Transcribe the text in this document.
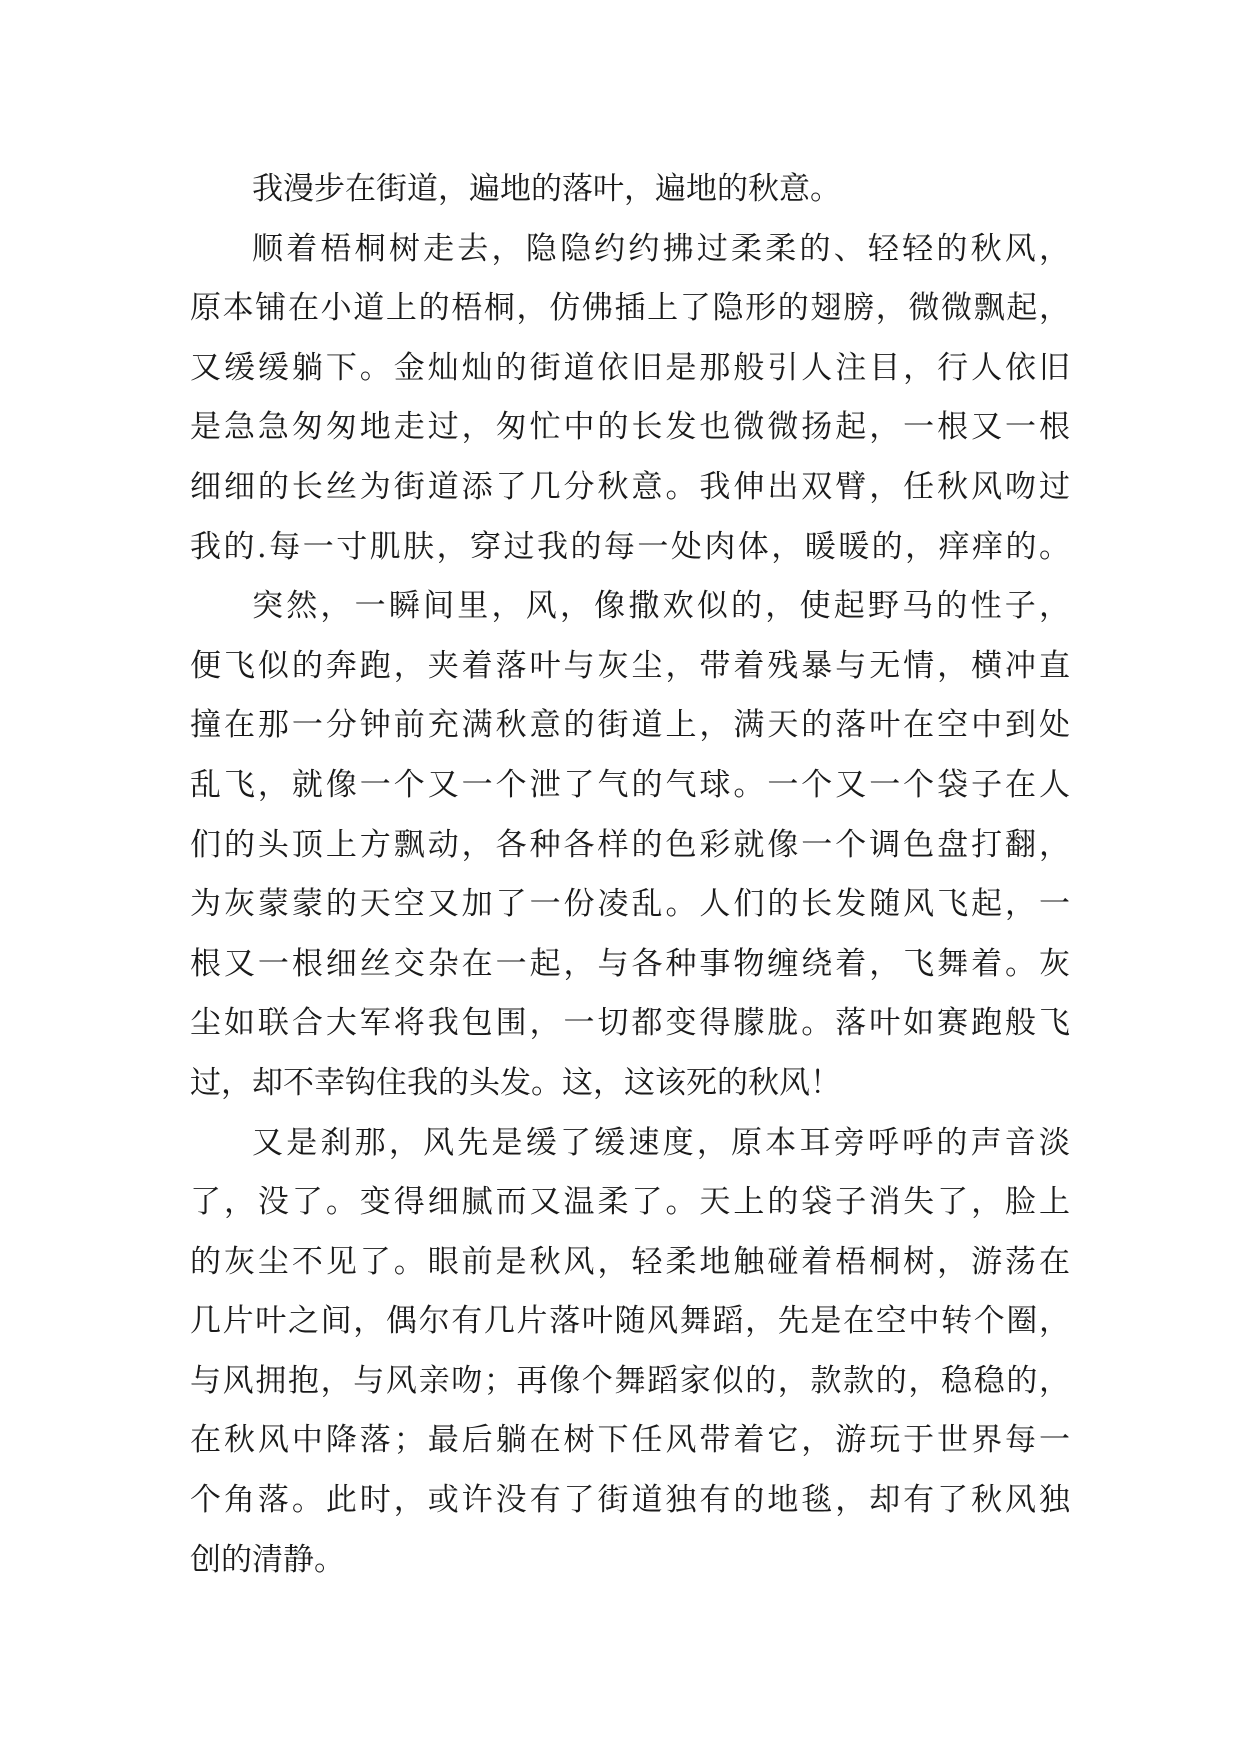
我漫步在街道，遍地的落叶，遍地的秋意。
顺着梧桐树走去，隐隐约约拂过柔柔的、轻轻的秋风，
原本铺在小道上的梧桐，仿佛插上了隐形的翅膀，微微飘起，
又缓缓躺下。金灿灿的街道依旧是那般引人注目，行人依旧
是急急匆匆地走过，匆忙中的长发也微微扬起，一根又一根
细细的长丝为街道添了几分秋意。我伸出双臂，任秋风吻过
我的.每一寸肌肤，穿过我的每一处肉体，暖暖的，痒痒的。
突然，一瞬间里，风，像撒欢似的，使起野马的性子，
便飞似的奔跑，夹着落叶与灰尘，带着残暴与无情，横冲直
撞在那一分钟前充满秋意的街道上，满天的落叶在空中到处
乱飞，就像一个又一个泄了气的气球。一个又一个袋子在人
们的头顶上方飘动，各种各样的色彩就像一个调色盘打翻，
为灰蒙蒙的天空又加了一份凌乱。人们的长发随风飞起，一
根又一根细丝交杂在一起，与各种事物缠绕着，飞舞着。灰
尘如联合大军将我包围，一切都变得朦胧。落叶如赛跑般飞
过，却不幸钩住我的头发。这，这该死的秋风！
又是刹那，风先是缓了缓速度，原本耳旁呼呼的声音淡
了，没了。变得细腻而又温柔了。天上的袋子消失了，脸上
的灰尘不见了。眼前是秋风，轻柔地触碰着梧桐树，游荡在
几片叶之间，偶尔有几片落叶随风舞蹈，先是在空中转个圈，
与风拥抱，与风亲吻；再像个舞蹈家似的，款款的，稳稳的，
在秋风中降落；最后躺在树下任风带着它，游玩于世界每一
个角落。此时，或许没有了街道独有的地毯，却有了秋风独
创的清静。
